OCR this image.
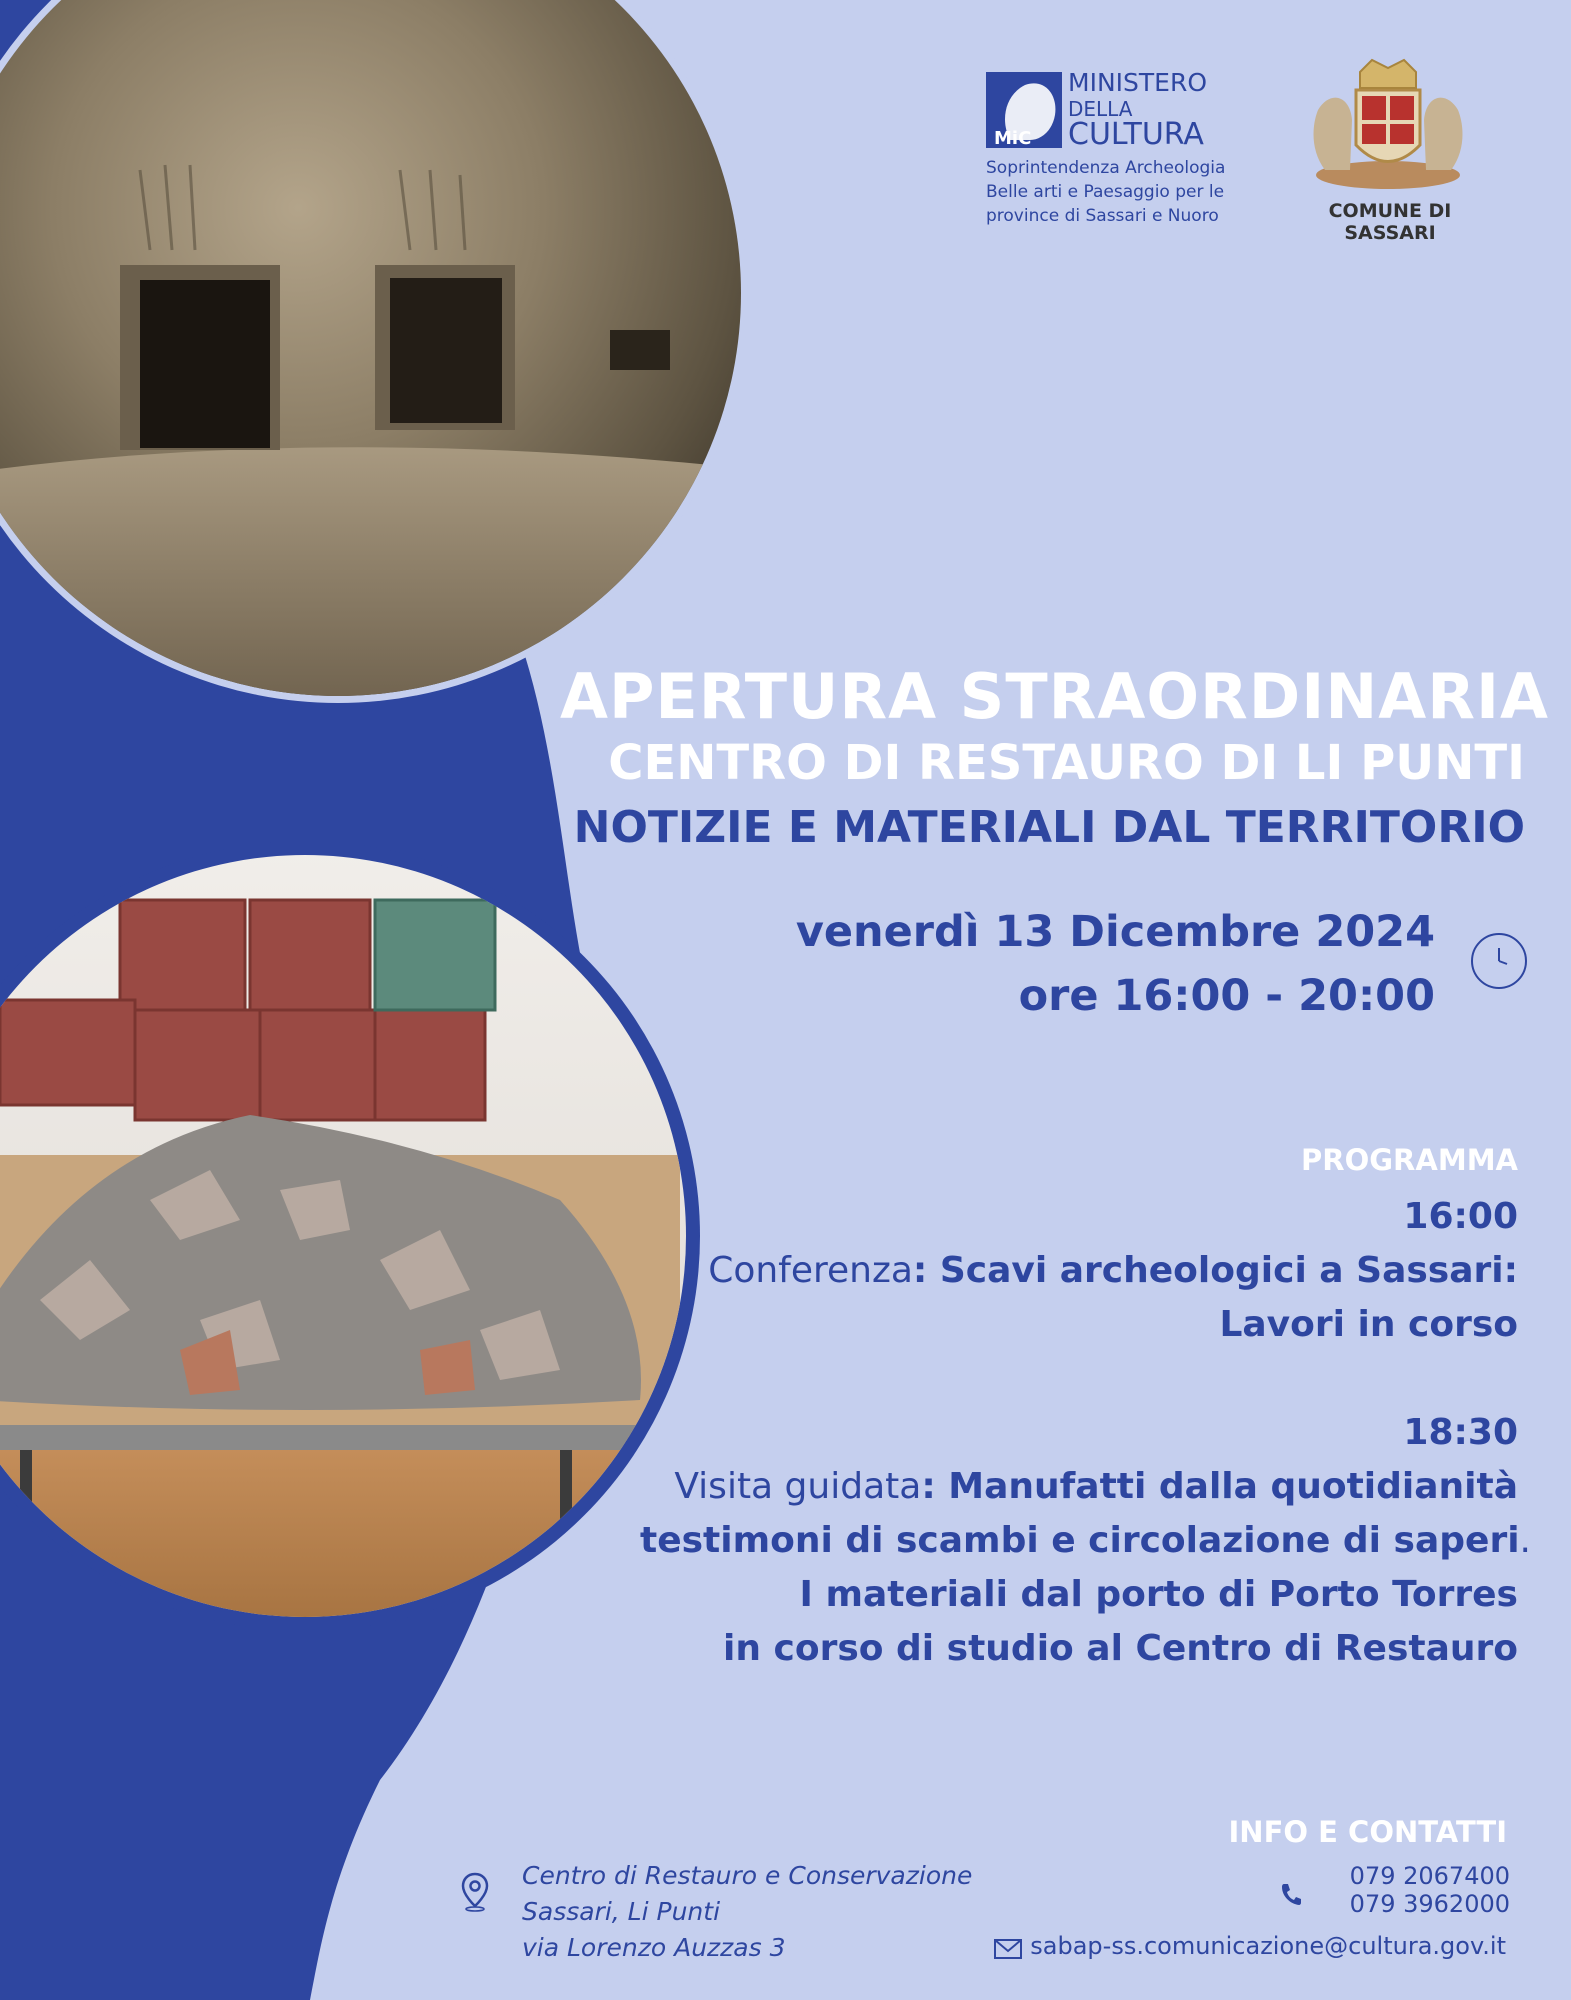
MiC
MINISTERO
DELLA
CULTURA
Soprintendenza Archeologia
Belle arti e Paesaggio per le
province di Sassari e Nuoro	COMUNE DI SASSARI
APERTURA STRAORDINARIA
CENTRO DI RESTAURO DI LI PUNTI
NOTIZIE E MATERIALI DAL TERRITORIO
venerdì 13 Dicembre 2024
ore 16:00 - 20:00
PROGRAMMA
16:00
Conferenza: Scavi archeologici a Sassari:
Lavori in corso
18:30
Visita guidata: Manufatti dalla quotidianità
testimoni di scambi e circolazione di saperi.
I materiali dal porto di Porto Torres
in corso di studio al Centro di Restauro
INFO E CONTATTI
Centro di Restauro e Conservazione
Sassari, Li Punti
via Lorenzo Auzzas 3
079 2067400
079 3962000
sabap-ss.comunicazione@cultura.gov.it
